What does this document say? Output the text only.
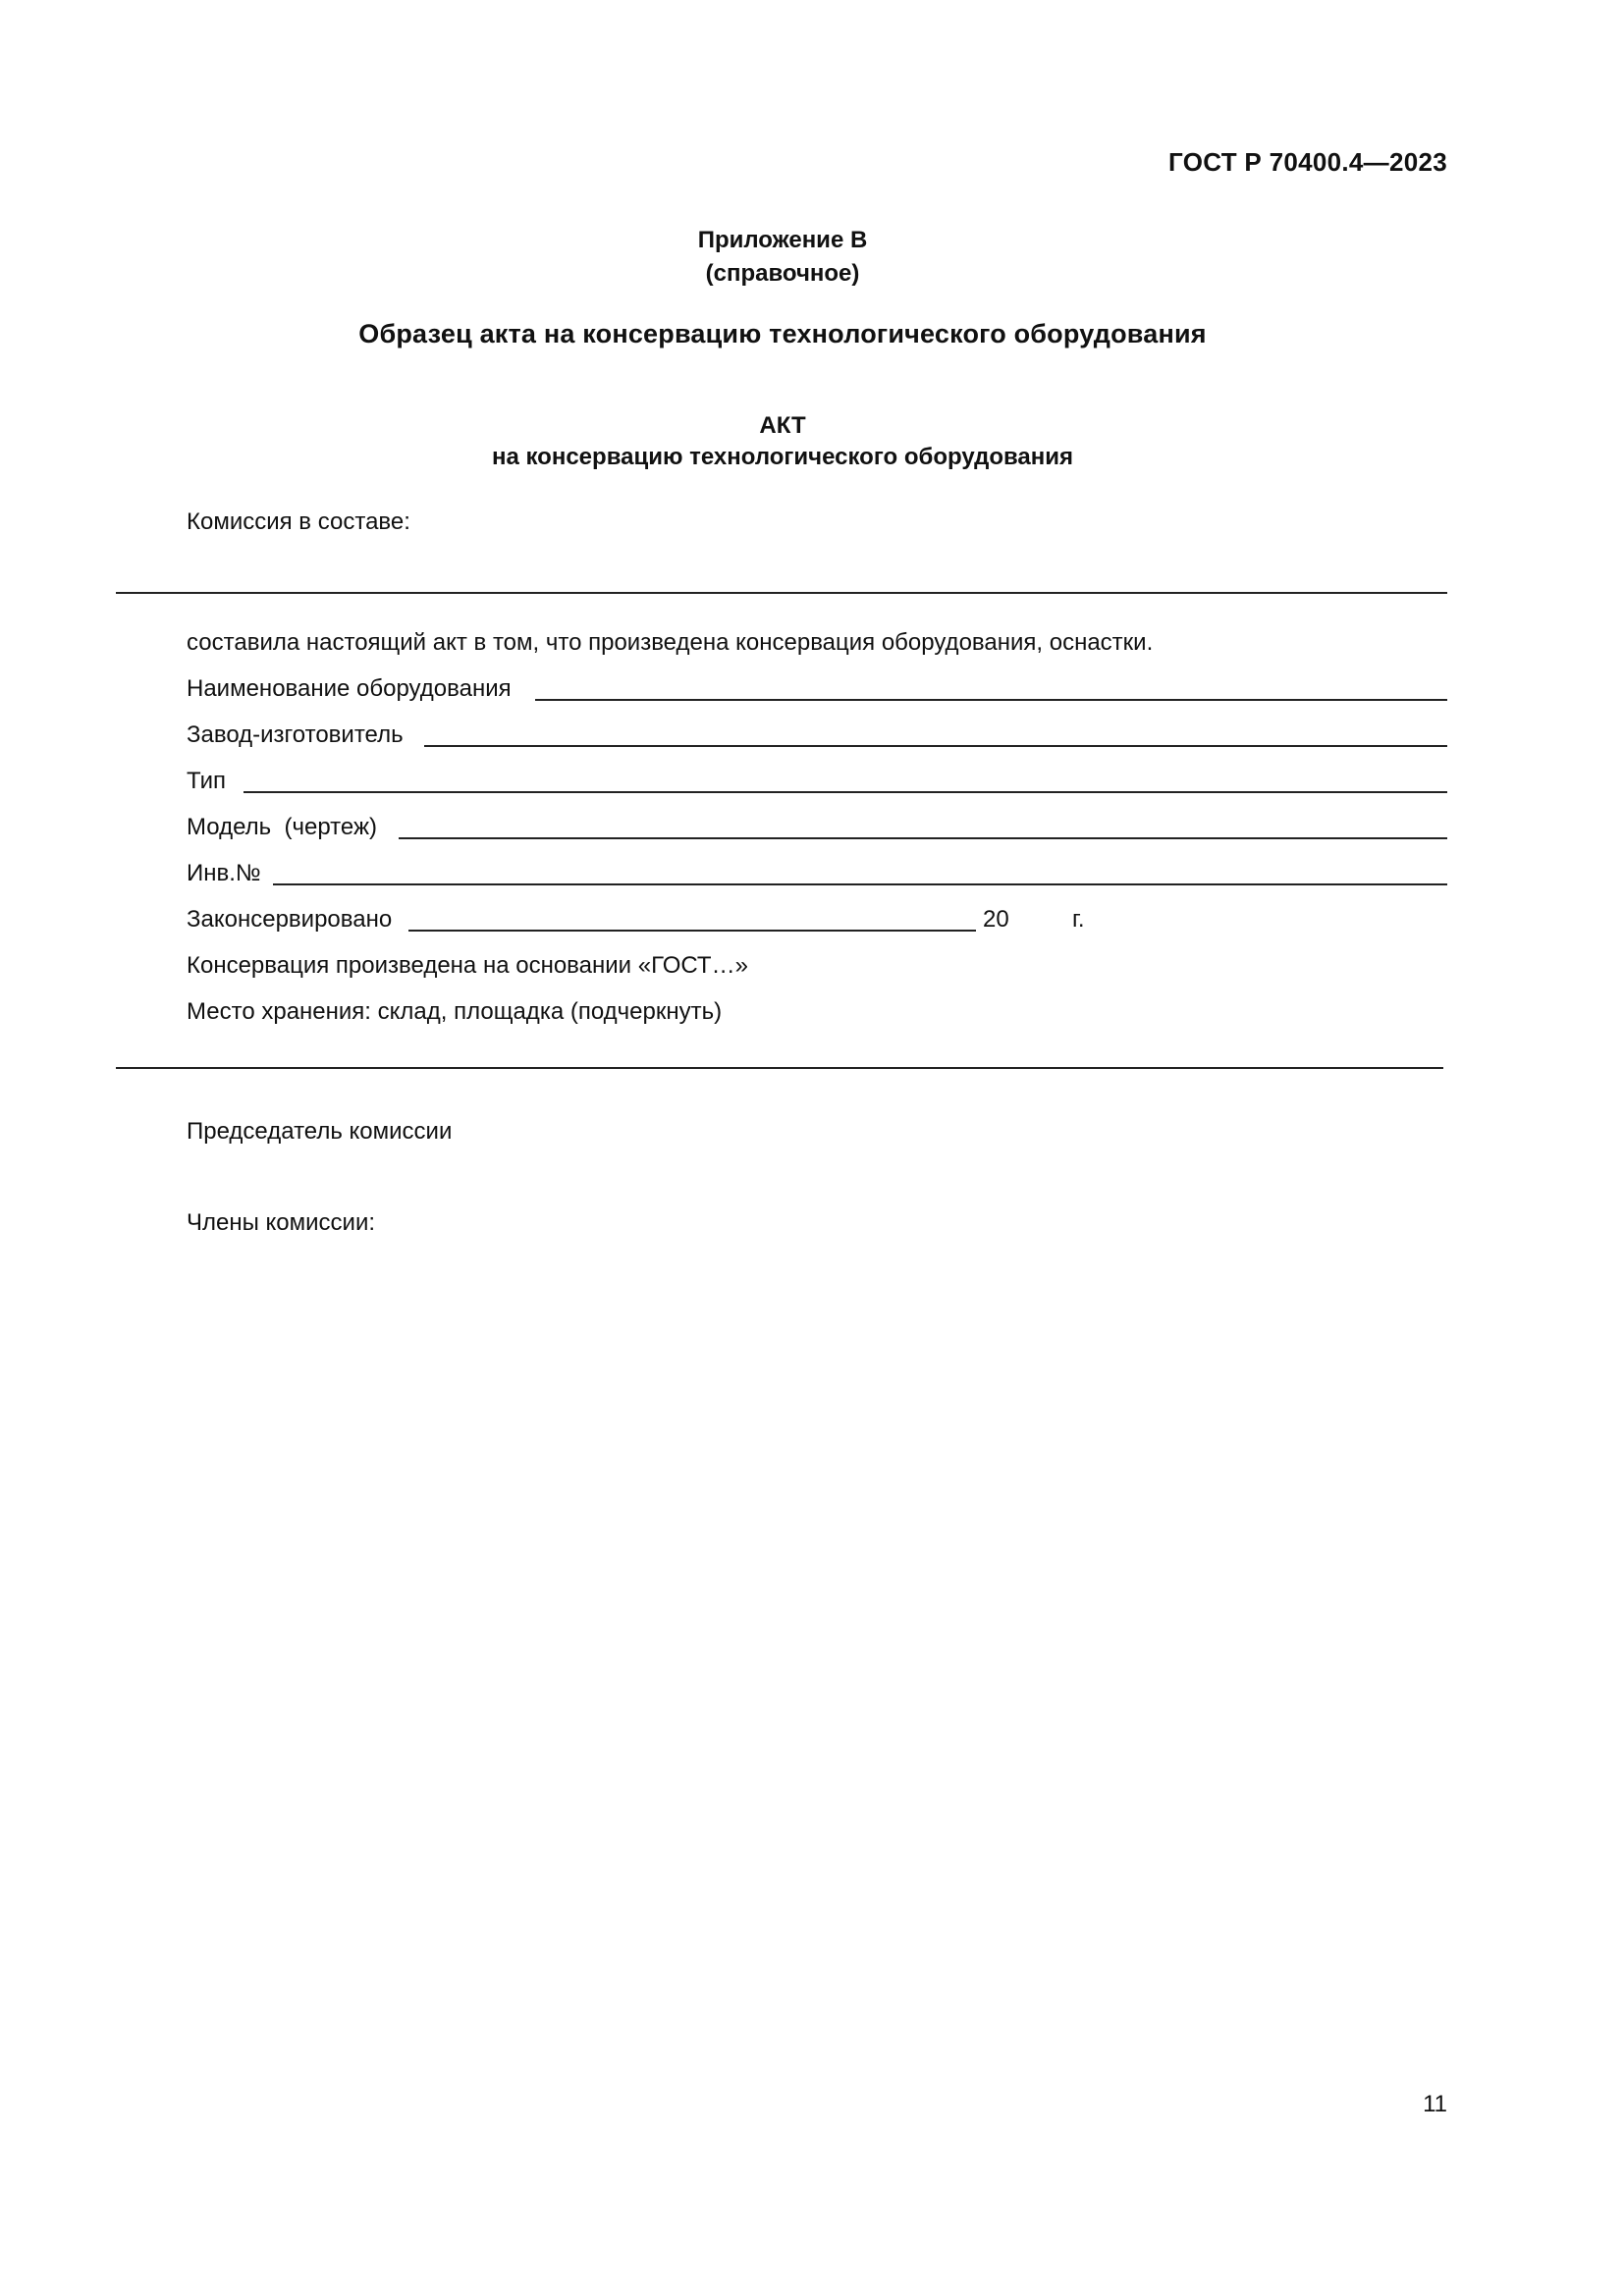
ГОСТ Р 70400.4—2023
Приложение В
(справочное)
Образец акта на консервацию технологического оборудования
АКТ
на консервацию технологического оборудования
Комиссия в составе:
составила настоящий акт в том, что произведена консервация оборудования, оснастки.
Наименование оборудования
Завод-изготовитель
Тип
Модель  (чертеж)
Инв.№
Законсервировано	20	г.
Консервация произведена на основании «ГОСТ…»
Место хранения: склад, площадка (подчеркнуть)
Председатель комиссии
Члены комиссии:
11
